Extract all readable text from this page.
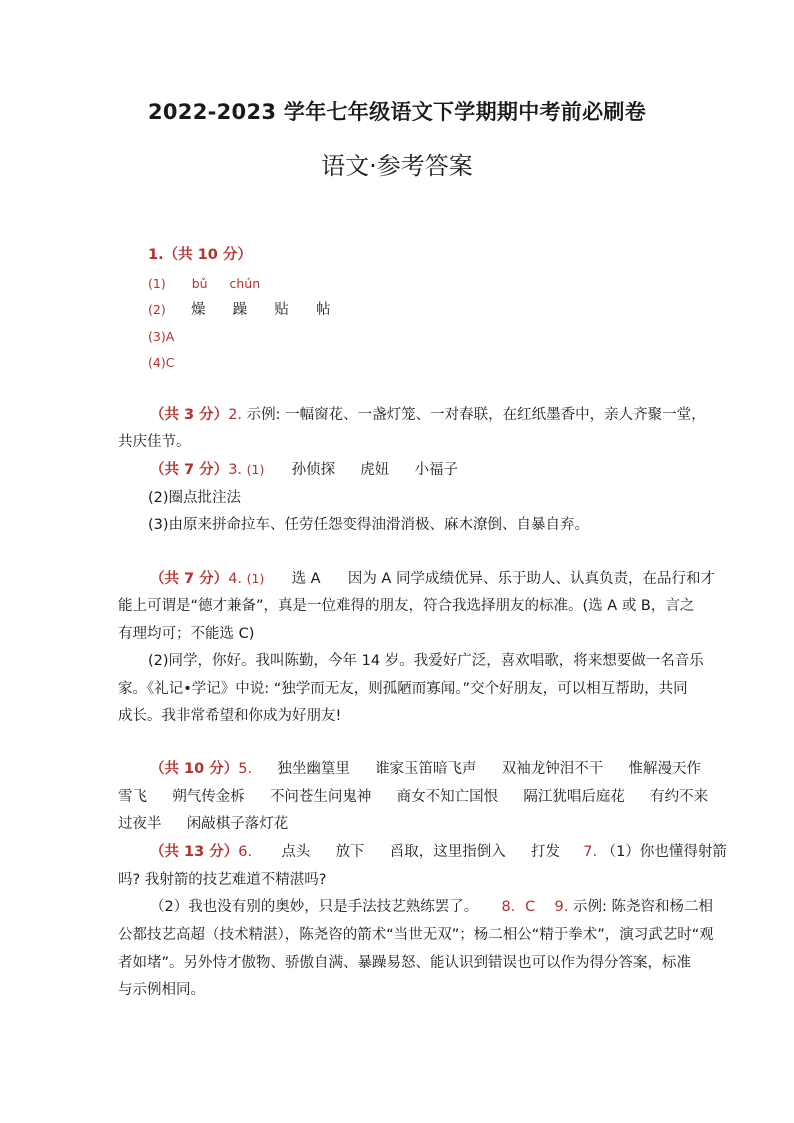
2022-2023 学年七年级语文下学期期中考前必刷卷
语文·参考答案
1.（共 10 分）
(1) bǔ chún
(2) 燥 躁 贴 帖
(3)A
(4)C
（共 3 分）2. 示例: 一幅窗花、一盏灯笼、一对春联，在红纸墨香中，亲人齐聚一堂，
共庆佳节。
（共 7 分）3. (1) 孙侦探 虎妞 小福子
(2)圈点批注法
(3)由原来拼命拉车、任劳任怨变得油滑消极、麻木潦倒、自暴自弃。
（共 7 分）4. (1) 选 A 因为 A 同学成绩优异、乐于助人、认真负责，在品行和才
能上可谓是“德才兼备”，真是一位难得的朋友，符合我选择朋友的标准。(选 A 或 B，言之
有理均可；不能选 C)
(2)同学，你好。我叫陈勤，今年 14 岁。我爱好广泛，喜欢唱歌，将来想要做一名音乐
家。《礼记•学记》中说: “独学而无友，则孤陋而寡闻。”交个好朋友，可以相互帮助，共同
成长。我非常希望和你成为好朋友!
（共 10 分）5. 独坐幽篁里 谁家玉笛暗飞声 双袖龙钟泪不干 惟解漫天作
雪飞 朔气传金柝 不问苍生问鬼神 商女不知亡国恨 隔江犹唱后庭花 有约不来
过夜半 闲敲棋子落灯花
（共 13 分）6. 点头 放下 舀取，这里指倒入 打发 7. （1）你也懂得射箭
吗? 我射箭的技艺难道不精湛吗?
（2）我也没有别的奥妙，只是手法技艺熟练罢了。 8．C 9. 示例: 陈尧咨和杨二相
公都技艺高超（技术精湛），陈尧咨的箭术“当世无双”；杨二相公“精于拳术”，演习武艺时“观
者如堵”。另外恃才傲物、骄傲自满、暴躁易怒、能认识到错误也可以作为得分答案，标准
与示例相同。
